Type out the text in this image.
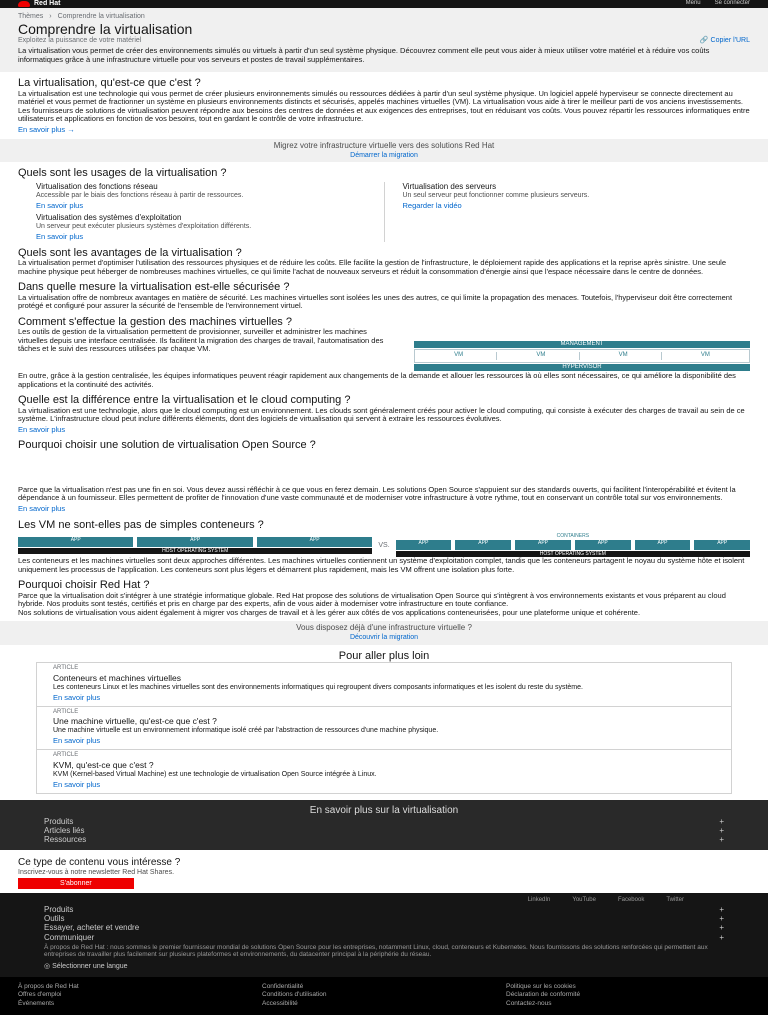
Red Hat	Menu Se connecter
Thèmes › Comprendre la virtualisation
Comprendre la virtualisation
Exploitez la puissance de votre matériel	🔗 Copier l'URL

La virtualisation vous permet de créer des environnements simulés ou virtuels à partir d'un seul système physique. Découvrez comment elle peut vous aider à mieux utiliser votre matériel et à réduire vos coûts informatiques grâce à une infrastructure virtuelle pour vos serveurs et postes de travail supplémentaires.

La virtualisation, qu'est-ce que c'est ?

La virtualisation est une technologie qui vous permet de créer plusieurs environnements simulés ou ressources dédiées à partir d'un seul système physique. Un logiciel appelé hyperviseur se connecte directement au matériel et vous permet de fractionner un système en plusieurs environnements distincts et sécurisés, appelés machines virtuelles (VM). La virtualisation vous aide à tirer le meilleur parti de vos anciens investissements.

Les fournisseurs de solutions de virtualisation peuvent répondre aux besoins des centres de données et aux exigences des entreprises, tout en réduisant vos coûts. Vous pouvez répartir les ressources informatiques entre utilisateurs et applications en fonction de vos besoins, tout en gardant le contrôle de votre infrastructure.

En savoir plus →
Migrez votre infrastructure virtuelle vers des solutions Red Hat
Démarrer la migration
Quels sont les usages de la virtualisation ?
Virtualisation des fonctions réseau

Accessible par le biais des fonctions réseau à partir de ressources.

En savoir plus
Virtualisation des systèmes d'exploitation

Un serveur peut exécuter plusieurs systèmes d'exploitation différents.

En savoir plus
Virtualisation des serveurs

Un seul serveur peut fonctionner comme plusieurs serveurs.

Regarder la vidéo
Quels sont les avantages de la virtualisation ?

La virtualisation permet d'optimiser l'utilisation des ressources physiques et de réduire les coûts. Elle facilite la gestion de l'infrastructure, le déploiement rapide des applications et la reprise après sinistre. Une seule machine physique peut héberger de nombreuses machines virtuelles, ce qui limite l'achat de nouveaux serveurs et réduit la consommation d'énergie ainsi que l'espace nécessaire dans le centre de données.

Dans quelle mesure la virtualisation est-elle sécurisée ?

La virtualisation offre de nombreux avantages en matière de sécurité. Les machines virtuelles sont isolées les unes des autres, ce qui limite la propagation des menaces. Toutefois, l'hyperviseur doit être correctement protégé et configuré pour assurer la sécurité de l'ensemble de l'environnement virtuel.

Comment s'effectue la gestion des machines virtuelles ?

Les outils de gestion de la virtualisation permettent de provisionner, surveiller et administrer les machines virtuelles depuis une interface centralisée. Ils facilitent la migration des charges de travail, l'automatisation des tâches et le suivi des ressources utilisées par chaque VM.	MANAGEMENT
VM	VM	VM	VM
HYPERVISOR

En outre, grâce à la gestion centralisée, les équipes informatiques peuvent réagir rapidement aux changements de la demande et allouer les ressources là où elles sont nécessaires, ce qui améliore la disponibilité des applications et la continuité des activités.

Quelle est la différence entre la virtualisation et le cloud computing ?

La virtualisation est une technologie, alors que le cloud computing est un environnement. Les clouds sont généralement créés pour activer le cloud computing, qui consiste à exécuter des charges de travail au sein de ce système. L'infrastructure cloud peut inclure différents éléments, dont des logiciels de virtualisation qui servent à extraire les ressources évolutives.

En savoir plus
Pourquoi choisir une solution de virtualisation Open Source ?

Parce que la virtualisation n'est pas une fin en soi. Vous devez aussi réfléchir à ce que vous en ferez demain. Les solutions Open Source s'appuient sur des standards ouverts, qui facilitent l'interopérabilité et évitent la dépendance à un fournisseur. Elles permettent de profiter de l'innovation d'une vaste communauté et de moderniser votre infrastructure à votre rythme, tout en conservant un contrôle total sur vos environnements.

En savoir plus
Les VM ne sont-elles pas de simples conteneurs ?
APP	APP	APP
HOST OPERATING SYSTEM
VS.
CONTAINERS
APP	APP	APP	APP	APP	APP
HOST OPERATING SYSTEM

Les conteneurs et les machines virtuelles sont deux approches différentes. Les machines virtuelles contiennent un système d'exploitation complet, tandis que les conteneurs partagent le noyau du système hôte et isolent uniquement les processus de l'application. Les conteneurs sont plus légers et démarrent plus rapidement, mais les VM offrent une isolation plus forte.

Pourquoi choisir Red Hat ?

Parce que la virtualisation doit s'intégrer à une stratégie informatique globale. Red Hat propose des solutions de virtualisation Open Source qui s'intègrent à vos environnements existants et vous préparent au cloud hybride. Nos produits sont testés, certifiés et pris en charge par des experts, afin de vous aider à moderniser votre infrastructure en toute confiance.

Nos solutions de virtualisation vous aident également à migrer vos charges de travail et à les gérer aux côtés de vos applications conteneurisées, pour une plateforme unique et cohérente.

Vous disposez déjà d'une infrastructure virtuelle ?
Découvrir la migration
Pour aller plus loin
ARTICLE
Conteneurs et machines virtuelles

Les conteneurs Linux et les machines virtuelles sont des environnements informatiques qui regroupent divers composants informatiques et les isolent du reste du système.

En savoir plus
ARTICLE
Une machine virtuelle, qu'est-ce que c'est ?

Une machine virtuelle est un environnement informatique isolé créé par l'abstraction de ressources d'une machine physique.

En savoir plus
ARTICLE
KVM, qu'est-ce que c'est ?

KVM (Kernel-based Virtual Machine) est une technologie de virtualisation Open Source intégrée à Linux.

En savoir plus
En savoir plus sur la virtualisation
Produits	+
Articles liés	+
Ressources	+
Ce type de contenu vous intéresse ?

Inscrivez-vous à notre newsletter Red Hat Shares.

S'abonner
LinkedIn	YouTube	Facebook	Twitter
Produits	+
Outils	+
Essayer, acheter et vendre	+
Communiquer	+

À propos de Red Hat : nous sommes le premier fournisseur mondial de solutions Open Source pour les entreprises, notamment Linux, cloud, conteneurs et Kubernetes. Nous fournissons des solutions renforcées qui permettent aux entreprises de travailler plus facilement sur plusieurs plateformes et environnements, du datacenter principal à la périphérie du réseau.

◎ Sélectionner une langue
À propos de Red Hat
Offres d'emploi
Événements
Confidentialité
Conditions d'utilisation
Accessibilité
Politique sur les cookies
Déclaration de conformité
Contactez-nous
